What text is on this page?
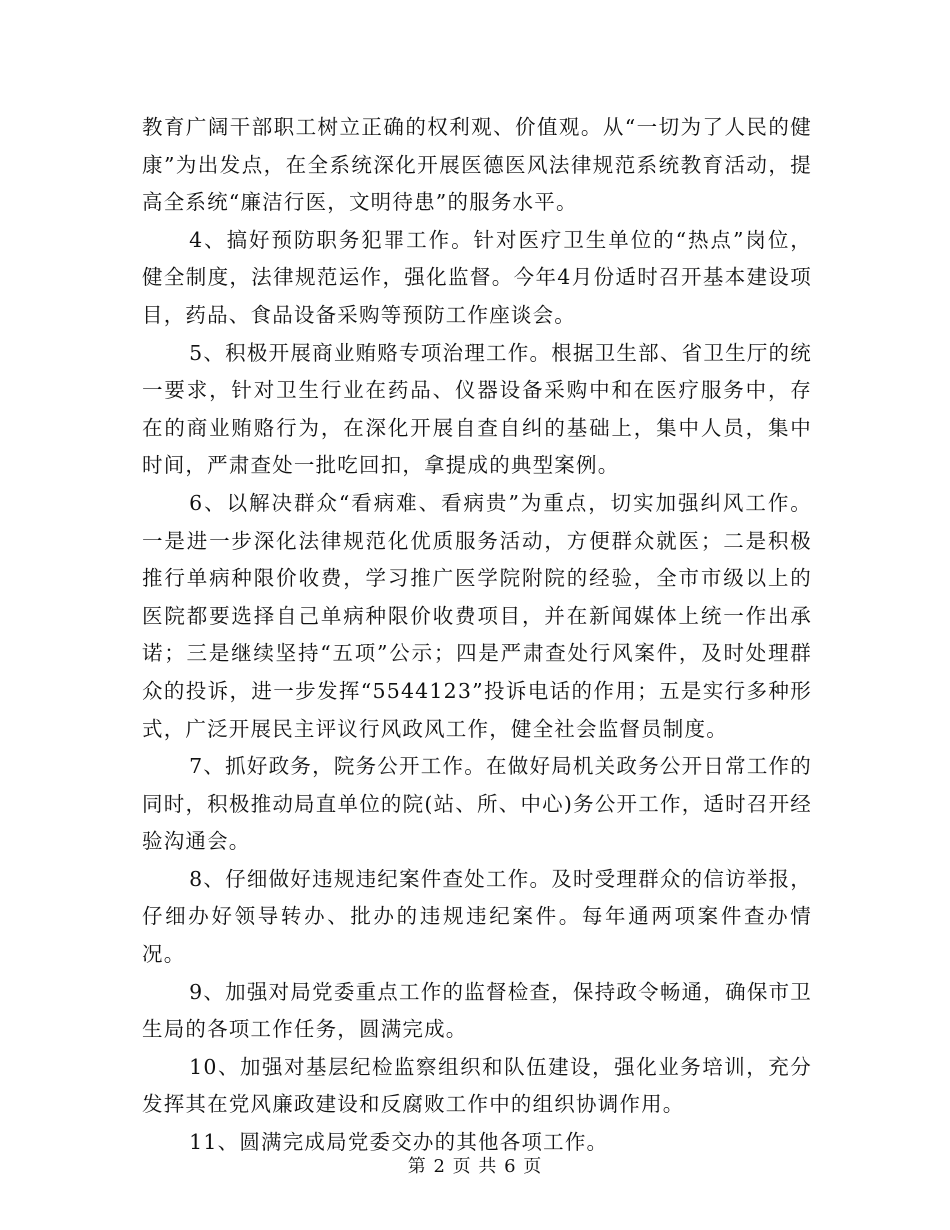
教育广阔干部职工树立正确的权利观、价值观。从“一切为了人民的健康”为出发点，在全系统深化开展医德医风法律规范系统教育活动，提高全系统“廉洁行医，文明待患”的服务水平。

4、搞好预防职务犯罪工作。针对医疗卫生单位的“热点”岗位，健全制度，法律规范运作，强化监督。今年4月份适时召开基本建设项目，药品、食品设备采购等预防工作座谈会。

5、积极开展商业贿赂专项治理工作。根据卫生部、省卫生厅的统一要求，针对卫生行业在药品、仪器设备采购中和在医疗服务中，存在的商业贿赂行为，在深化开展自查自纠的基础上，集中人员，集中时间，严肃查处一批吃回扣，拿提成的典型案例。

6、以解决群众“看病难、看病贵”为重点，切实加强纠风工作。一是进一步深化法律规范化优质服务活动，方便群众就医；二是积极推行单病种限价收费，学习推广医学院附院的经验，全市市级以上的医院都要选择自己单病种限价收费项目，并在新闻媒体上统一作出承诺；三是继续坚持“五项”公示；四是严肃查处行风案件，及时处理群众的投诉，进一步发挥“5544123”投诉电话的作用；五是实行多种形式，广泛开展民主评议行风政风工作，健全社会监督员制度。

7、抓好政务，院务公开工作。在做好局机关政务公开日常工作的同时，积极推动局直单位的院(站、所、中心)务公开工作，适时召开经验沟通会。

8、仔细做好违规违纪案件查处工作。及时受理群众的信访举报，仔细办好领导转办、批办的违规违纪案件。每年通两项案件查办情况。

9、加强对局党委重点工作的监督检查，保持政令畅通，确保市卫生局的各项工作任务，圆满完成。

10、加强对基层纪检监察组织和队伍建设，强化业务培训，充分发挥其在党风廉政建设和反腐败工作中的组织协调作用。

11、圆满完成局党委交办的其他各项工作。

第 2 页 共 6 页
